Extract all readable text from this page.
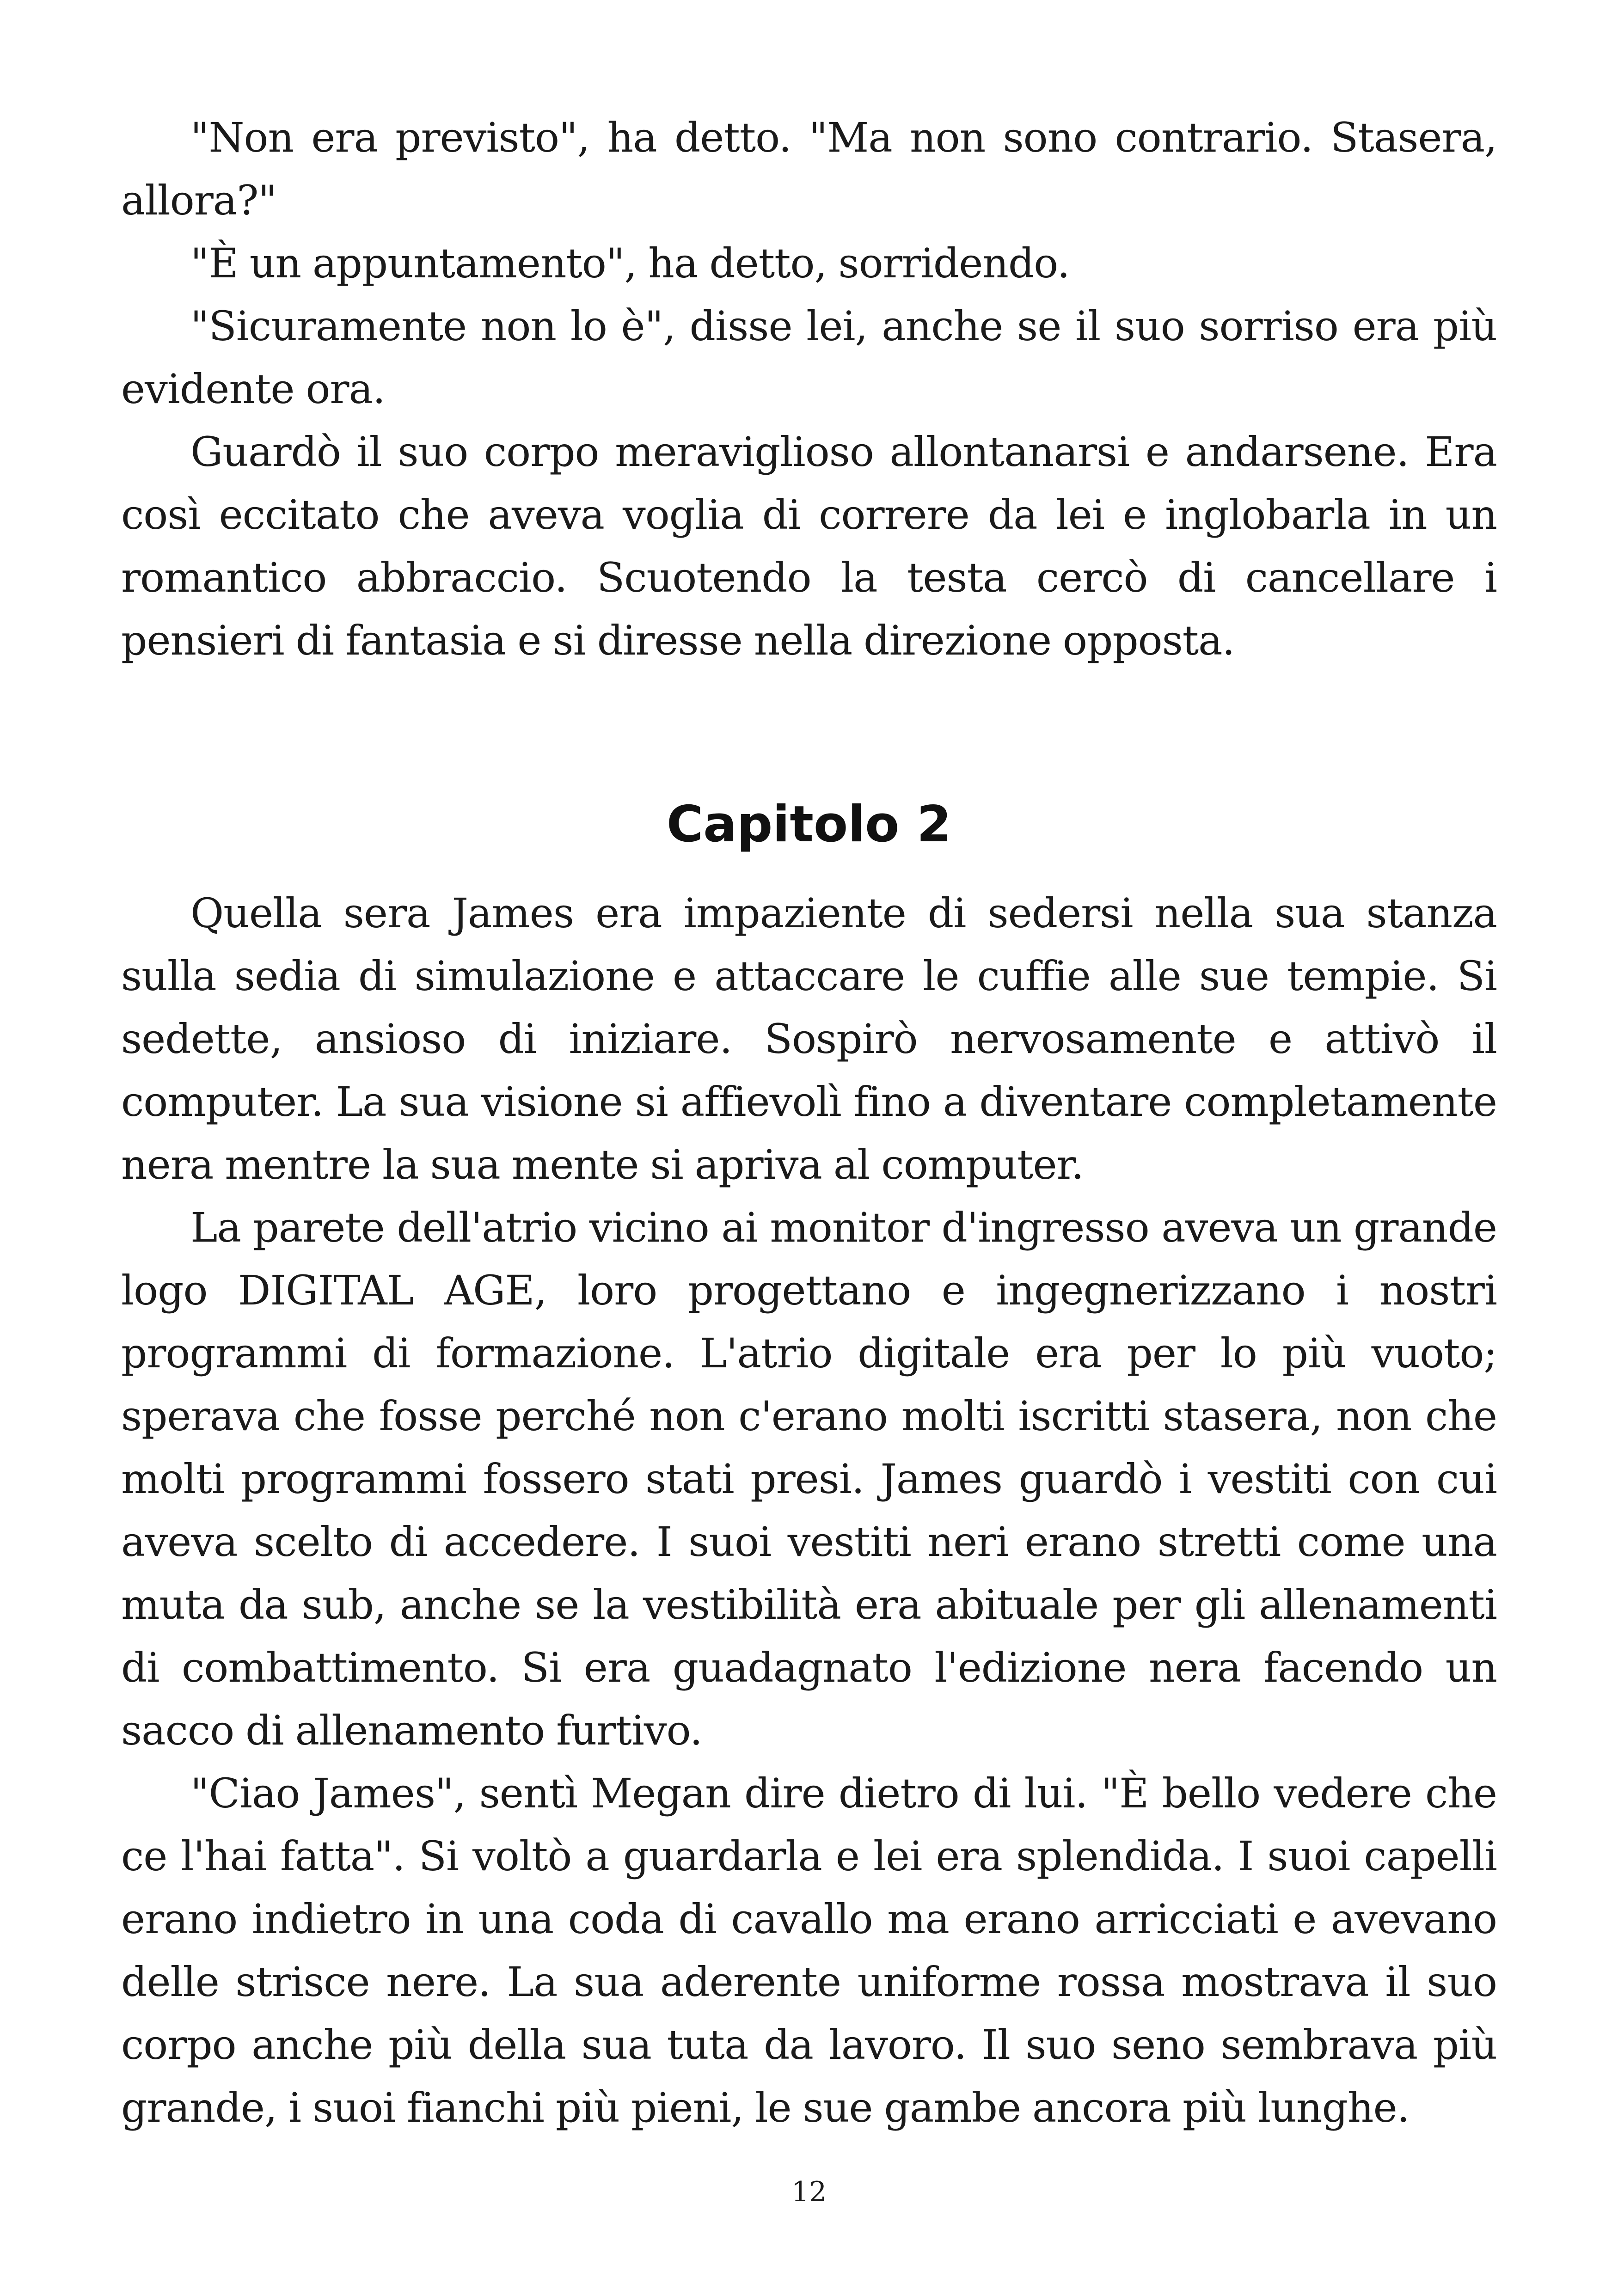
"Non era previsto", ha detto. "Ma non sono contrario. Stasera, allora?"

"È un appuntamento", ha detto, sorridendo.

"Sicuramente non lo è", disse lei, anche se il suo sorriso era più evidente ora.

Guardò il suo corpo meraviglioso allontanarsi e andarsene. Era così eccitato che aveva voglia di correre da lei e inglobarla in un romantico abbraccio. Scuotendo la testa cercò di cancellare i pensieri di fantasia e si diresse nella direzione opposta.

Capitolo 2

Quella sera James era impaziente di sedersi nella sua stanza sulla sedia di simulazione e attaccare le cuffie alle sue tempie. Si sedette, ansioso di iniziare. Sospirò nervosamente e attivò il computer. La sua visione si affievolì fino a diventare completamente nera mentre la sua mente si apriva al computer.

La parete dell'atrio vicino ai monitor d'ingresso aveva un grande logo DIGITAL AGE, loro progettano e ingegnerizzano i nostri programmi di formazione. L'atrio digitale era per lo più vuoto; sperava che fosse perché non c'erano molti iscritti stasera, non che molti programmi fossero stati presi. James guardò i vestiti con cui aveva scelto di accedere. I suoi vestiti neri erano stretti come una muta da sub, anche se la vestibilità era abituale per gli allenamenti di combattimento. Si era guadagnato l'edizione nera facendo un sacco di allenamento furtivo.

"Ciao James", sentì Megan dire dietro di lui. "È bello vedere che ce l'hai fatta". Si voltò a guardarla e lei era splendida. I suoi capelli erano indietro in una coda di cavallo ma erano arricciati e avevano delle strisce nere. La sua aderente uniforme rossa mostrava il suo corpo anche più della sua tuta da lavoro. Il suo seno sembrava più grande, i suoi fianchi più pieni, le sue gambe ancora più lunghe.

12
